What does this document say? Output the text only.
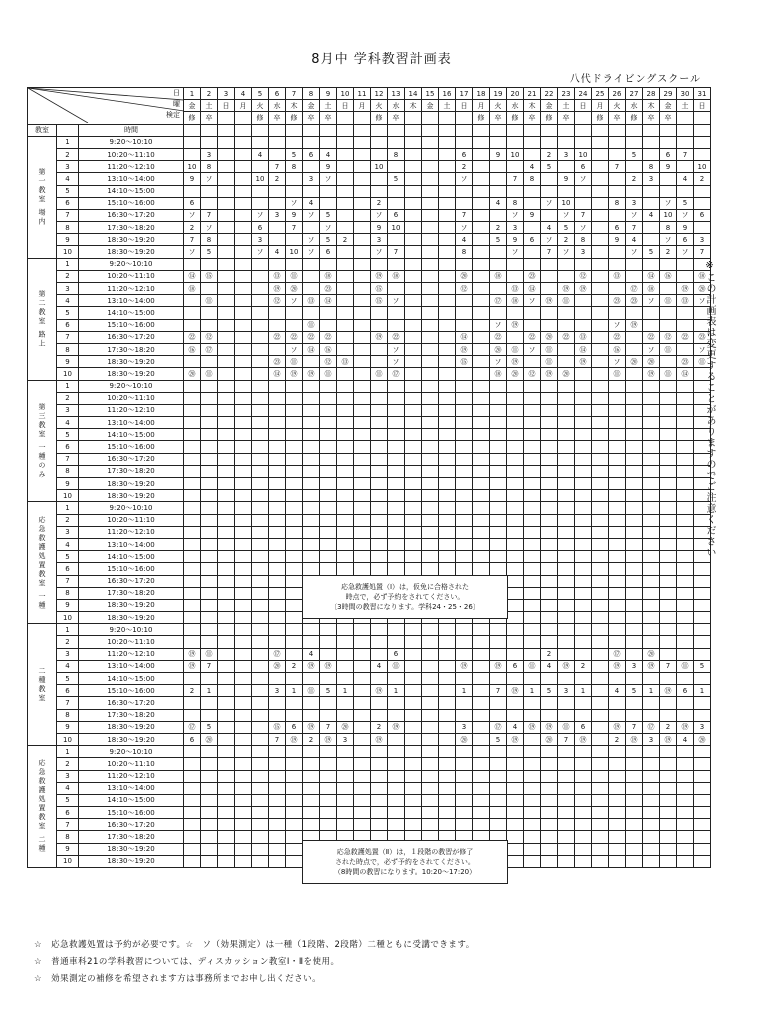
8月中 学科教習計画表
八代ドライビングスクール
日
曜
検定			1	2	3	4	5	6	7	8	9	10	11	12	13	14	15	16	17	18	19	20	21	22	23	24	25	26	27	28	29	30	31
			金	土	日	月	火	水	木	金	土	日	月	火	水	木	金	土	日	月	火	水	木	金	土	日	月	火	水	木	金	土	日
			修	卒			修	卒	修	卒	卒			修	卒					修	卒	修	卒	修	卒		修	卒	修	卒	卒		
教室		時間																															
第一教室 場内	1	9:20～10:10																															
	2	10:20～11:10		3			4		5	6	4				8				6		9	10		2	3	10			5		6	7	
	3	11:20～12:10	10	8				7	8		9			10					2				4	5		6		7		8	9		10
	4	13:10～14:00	9	ソ			10	2		3	ソ				5				ソ			7	8		9	ソ			2	3		4	2
	5	14:10～15:00																															
	6	15:10～16:00	6						ソ	4				2							4	8		ソ	10			8	3		ソ	5	
	7	16:30～17:20	ソ	7			ソ	3	9	ソ	5			ソ	6				7			ソ	9		ソ	7			ソ	4	10	ソ	6
	8	17:30～18:20	2	ソ			6		7		ソ			9	10				ソ		2	3		4	5	ソ		6	7		8	9	
	9	18:30～19:20	7	8			3			ソ	5	2		3					4		5	9	6	ソ	2	8		9	4		ソ	6	3
	10	18:30～19:20	ソ	5			ソ	4	10	ソ	6			ソ	7				8			ソ		7	ソ	3			ソ	5	2	ソ	7
第二教室 路上	1	9:20～10:10																															
	2	10:20～11:10	⑭	⑮				⑬	⑪		⑱			⑲	⑱				⑳		⑱		㉓			⑫		⑬		⑭	⑯		⑱
	3	11:20～12:10	⑱					⑲	⑳		㉓			⑮					⑫			⑬	⑭		⑲	⑲			⑰	⑱		⑲	⑳
	4	13:10～14:00		⑪				⑫	ソ	⑬	⑭			⑮	ソ						⑰	⑱	ソ	⑲	⑪			㉓	㉓	ソ	⑪	⑬	ソ
	5	14:10～15:00																															
	6	15:10～16:00								⑪											ソ	⑲						ソ	⑲				
	7	16:30～17:20	㉒	⑫				㉒	㉒	㉒	㉒			⑲	㉒				⑭		㉒		㉒	⑳	㉒	⑬		㉒		㉒	⑫	㉒	㉓
	8	17:30～18:20	⑯	⑰					ソ	⑭	⑯				ソ				⑲		⑳	⑪	ソ	⑪		⑭		⑯		ソ	⑪		ソ
	9	18:30～19:20						㉓	⑪		⑫	⑬			ソ				⑮		ソ	⑲		⑪		⑲		ソ	⑳	⑳		㉓	⑪
	10	18:30～19:20	⑳	⑪				⑭	⑲	⑲	⑪			⑪	⑰						⑱	⑳	⑫	⑲	⑳			⑪		⑲	⑪	⑭	
第三教室 一種のみ	1	9:20～10:10																															
	2	10:20～11:10																															
	3	11:20～12:10																															
	4	13:10～14:00																															
	5	14:10～15:00																															
	6	15:10～16:00																															
	7	16:30～17:20																															
	8	17:30～18:20																															
	9	18:30～19:20																															
	10	18:30～19:20																															
応急救護処置教室 一種	1	9:20～10:10																															
	2	10:20～11:10																															
	3	11:20～12:10																															
	4	13:10～14:00																															
	5	14:10～15:00																															
	6	15:10～16:00																															
	7	16:30～17:20																															
	8	17:30～18:20																															
	9	18:30～19:20																															
	10	18:30～19:20																															
二種教室	1	9:20～10:10																															
	2	10:20～11:10																															
	3	11:20～12:10	⑲	⑪				⑰		4					6									2				⑰		⑳			
	4	13:10～14:00	⑲	7				⑳	2	⑲	⑲			4	⑪				⑲		⑲	6	⑪	4	⑲	2		⑲	3	⑲	7	⑪	5
	5	14:10～15:00																															
	6	15:10～16:00	2	1				3	1	⑪	5	1		⑲	1				1		7	⑲	1	5	3	1		4	5	1	⑲	6	1
	7	16:30～17:20																															
	8	17:30～18:20																															
	9	18:30～19:20	⑰	5				⑮	6	⑲	7	⑳		2	⑲				3		⑰	4	⑲	⑲	⑪	6		⑲	7	⑰	2	⑲	3
	10	18:30～19:20	6	⑳				7	⑲	2	⑲	3		⑲					⑳		5	⑲		⑳	7	⑲		2	⑲	3	⑲	4	⑳
応急救護処置教室 二種	1	9:20～10:10																															
	2	10:20～11:10																															
	3	11:20～12:10																															
	4	13:10～14:00																															
	5	14:10～15:00																															
	6	15:10～16:00																															
	7	16:30～17:20																															
	8	17:30～18:20																															
	9	18:30～19:20																															
	10	18:30～19:20																															
※この計画表は変更することがありますのでご注意ください
応急救護処置（Ⅰ）は，仮免に合格された
時点で，必ず予約をされてください。
〔3時間の教習になります。学科24・25・26〕
応急救護処置（Ⅱ）は，１段階の教習が修了
された時点で，必ず予約をされてください。
（8時間の教習になります。10:20～17:20）
☆　応急救護処置は予約が必要です。☆　ソ（効果測定）は一種（1段階、2段階）二種ともに受講できます。
☆　普通車科21の学科教習については、ディスカッション教室Ⅰ・Ⅱを使用。
☆　効果測定の補修を希望されます方は事務所までお申し出ください。
